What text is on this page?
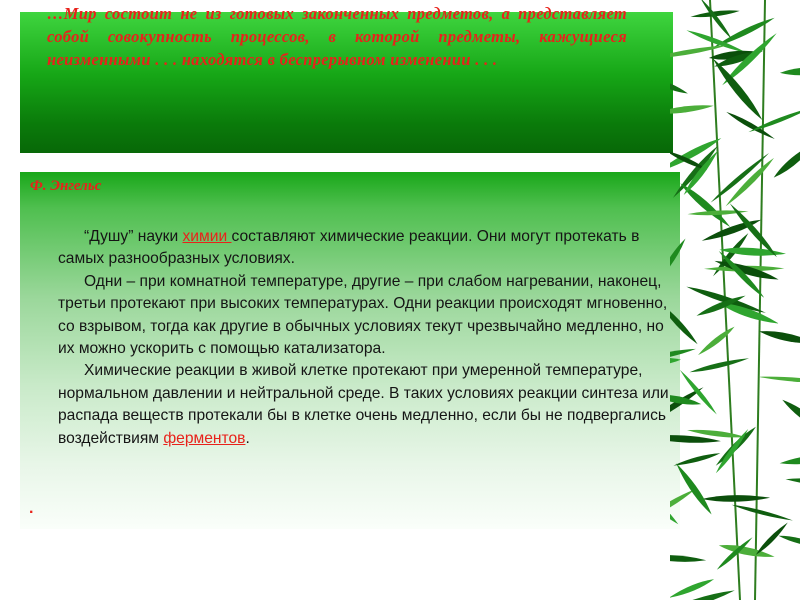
…Мир состоит не из готовых законченных предметов, а представляет собой совокупность процессов, в которой предметы, кажущиеся неизменными . . . находятся в беспрерывном изменении . . .

Ф. Энгельс

“Душу” науки химии составляют химические реакции. Они могут протекать в самых разнообразных условиях.

Одни – при комнатной температуре, другие – при слабом нагревании, наконец, третьи протекают при высоких температурах. Одни реакции происходят мгновенно, со взрывом, тогда как другие в обычных условиях текут чрезвычайно медленно, но их можно ускорить с помощью катализатора.

Химические реакции в живой клетке протекают при умеренной температуре, нормальном давлении и нейтральной среде. В таких условиях реакции синтеза или распада веществ протекали бы в клетке очень медленно, если бы не подвергались воздействиям ферментов.

.
